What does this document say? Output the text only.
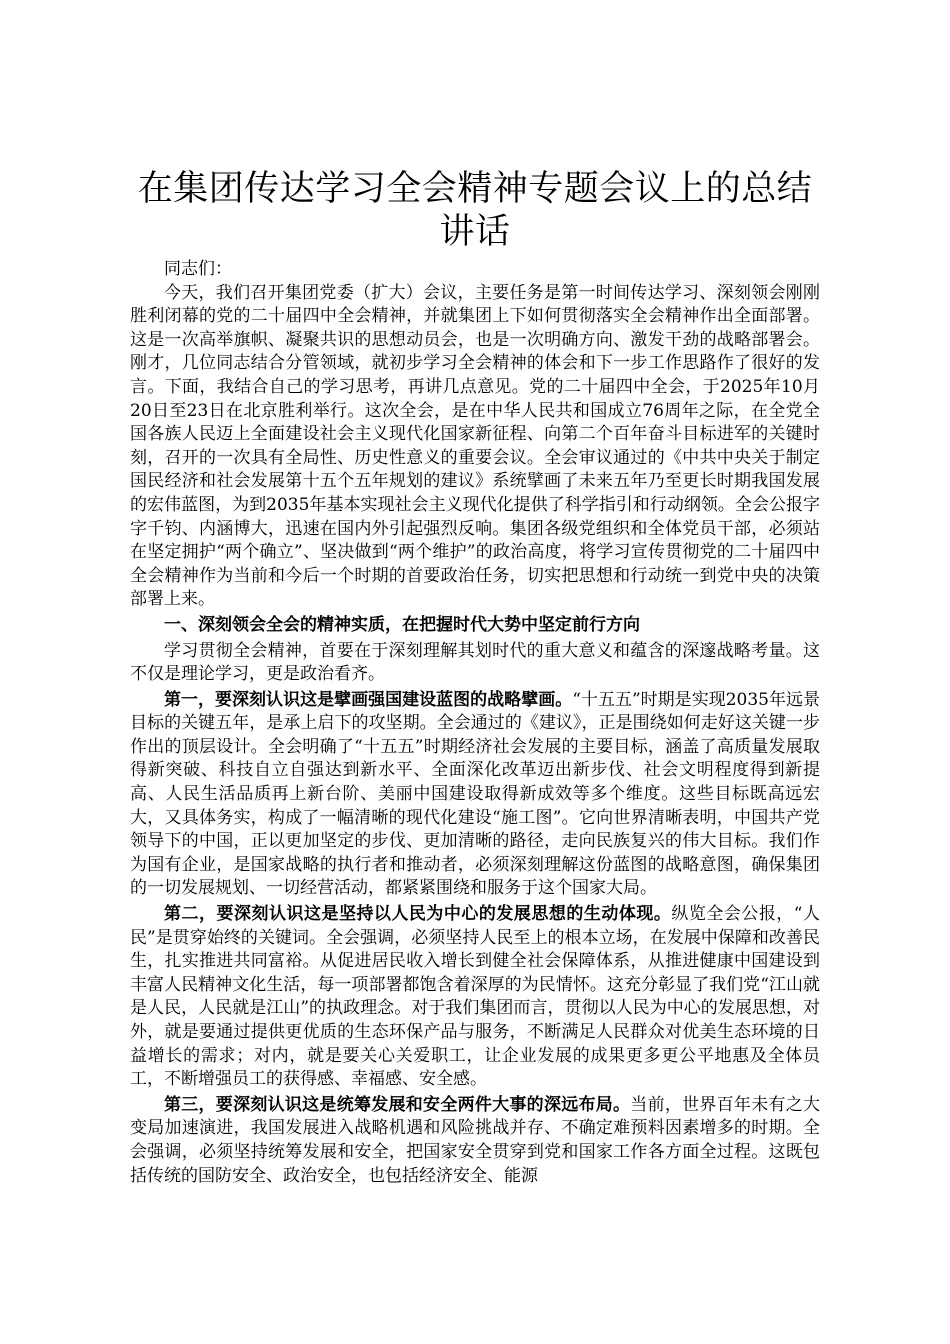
在集团传达学习全会精神专题会议上的总结讲话

同志们：

今天，我们召开集团党委（扩大）会议，主要任务是第一时间传达学习、深刻领会刚刚胜利闭幕的党的二十届四中全会精神，并就集团上下如何贯彻落实全会精神作出全面部署。这是一次高举旗帜、凝聚共识的思想动员会，也是一次明确方向、激发干劲的战略部署会。刚才，几位同志结合分管领域，就初步学习全会精神的体会和下一步工作思路作了很好的发言。下面，我结合自己的学习思考，再讲几点意见。党的二十届四中全会，于2025年10月20日至23日在北京胜利举行。这次全会，是在中华人民共和国成立76周年之际，在全党全国各族人民迈上全面建设社会主义现代化国家新征程、向第二个百年奋斗目标进军的关键时刻，召开的一次具有全局性、历史性意义的重要会议。全会审议通过的《中共中央关于制定国民经济和社会发展第十五个五年规划的建议》系统擘画了未来五年乃至更长时期我国发展的宏伟蓝图，为到2035年基本实现社会主义现代化提供了科学指引和行动纲领。全会公报字字千钧、内涵博大，迅速在国内外引起强烈反响。集团各级党组织和全体党员干部，必须站在坚定拥护“两个确立”、坚决做到“两个维护”的政治高度，将学习宣传贯彻党的二十届四中全会精神作为当前和今后一个时期的首要政治任务，切实把思想和行动统一到党中央的决策部署上来。

一、深刻领会全会的精神实质，在把握时代大势中坚定前行方向

学习贯彻全会精神，首要在于深刻理解其划时代的重大意义和蕴含的深邃战略考量。这不仅是理论学习，更是政治看齐。

第一，要深刻认识这是擘画强国建设蓝图的战略擘画。“十五五”时期是实现2035年远景目标的关键五年，是承上启下的攻坚期。全会通过的《建议》，正是围绕如何走好这关键一步作出的顶层设计。全会明确了“十五五”时期经济社会发展的主要目标，涵盖了高质量发展取得新突破、科技自立自强达到新水平、全面深化改革迈出新步伐、社会文明程度得到新提高、人民生活品质再上新台阶、美丽中国建设取得新成效等多个维度。这些目标既高远宏大，又具体务实，构成了一幅清晰的现代化建设“施工图”。它向世界清晰表明，中国共产党领导下的中国，正以更加坚定的步伐、更加清晰的路径，走向民族复兴的伟大目标。我们作为国有企业，是国家战略的执行者和推动者，必须深刻理解这份蓝图的战略意图，确保集团的一切发展规划、一切经营活动，都紧紧围绕和服务于这个国家大局。

第二，要深刻认识这是坚持以人民为中心的发展思想的生动体现。纵览全会公报，“人民”是贯穿始终的关键词。全会强调，必须坚持人民至上的根本立场，在发展中保障和改善民生，扎实推进共同富裕。从促进居民收入增长到健全社会保障体系，从推进健康中国建设到丰富人民精神文化生活，每一项部署都饱含着深厚的为民情怀。这充分彰显了我们党“江山就是人民，人民就是江山”的执政理念。对于我们集团而言，贯彻以人民为中心的发展思想，对外，就是要通过提供更优质的生态环保产品与服务，不断满足人民群众对优美生态环境的日益增长的需求；对内，就是要关心关爱职工，让企业发展的成果更多更公平地惠及全体员工，不断增强员工的获得感、幸福感、安全感。

第三，要深刻认识这是统筹发展和安全两件大事的深远布局。当前，世界百年未有之大变局加速演进，我国发展进入战略机遇和风险挑战并存、不确定难预料因素增多的时期。全会强调，必须坚持统筹发展和安全，把国家安全贯穿到党和国家工作各方面全过程。这既包括传统的国防安全、政治安全，也包括经济安全、能源
